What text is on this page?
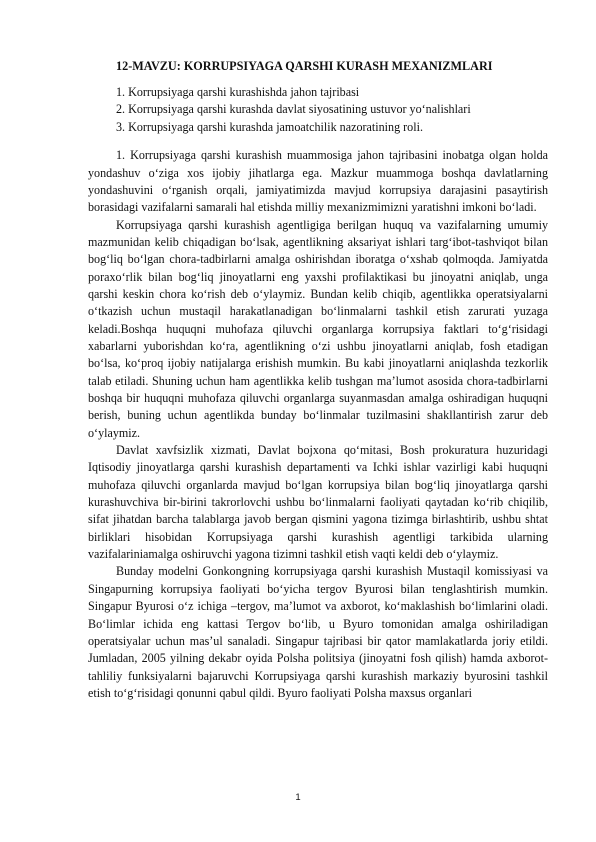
12-MAVZU: KORRUPSIYAGA QARSHI KURASH MEXANIZMLARI
1. Korrupsiyaga qarshi kurashishda jahon tajribasi
2. Korrupsiyaga qarshi kurashda davlat siyosatining ustuvor yo‘nalishlari
3. Korrupsiyaga qarshi kurashda jamoatchilik nazoratining roli.

1. Korrupsiyaga qarshi kurashish muammosiga jahon tajribasini inobatga olgan holda yondashuv o‘ziga xos ijobiy jihatlarga ega. Mazkur muammoga boshqa davlatlarning yondashuvini o‘rganish orqali, jamiyatimizda mavjud korrupsiya darajasini pasaytirish borasidagi vazifalarni samarali hal etishda milliy mexanizmimizni yaratishni imkoni bo‘ladi.

Korrupsiyaga qarshi kurashish agentligiga berilgan huquq va vazifalarning umumiy mazmunidan kelib chiqadigan bo‘lsak, agentlikning aksariyat ishlari targ‘ibot-tashviqot bilan bog‘liq bo‘lgan chora-tadbirlarni amalga oshirishdan iboratga o‘xshab qolmoqda. Jamiyatda poraxo‘rlik bilan bog‘liq jinoyatlarni eng yaxshi profilaktikasi bu jinoyatni aniqlab, unga qarshi keskin chora ko‘rish deb o‘ylaymiz. Bundan kelib chiqib, agentlikka operatsiyalarni o‘tkazish uchun mustaqil harakatlanadigan bo‘linmalarni tashkil etish zarurati yuzaga keladi.Boshqa huquqni muhofaza qiluvchi organlarga korrupsiya faktlari to‘g‘risidagi xabarlarni yuborishdan ko‘ra, agentlikning o‘zi ushbu jinoyatlarni aniqlab, fosh etadigan bo‘lsa, ko‘proq ijobiy natijalarga erishish mumkin. Bu kabi jinoyatlarni aniqlashda tezkorlik talab etiladi. Shuning uchun ham agentlikka kelib tushgan ma’lumot asosida chora-tadbirlarni boshqa bir huquqni muhofaza qiluvchi organlarga suyanmasdan amalga oshiradigan huquqni berish, buning uchun agentlikda bunday bo‘linmalar tuzilmasini shakllantirish zarur deb o‘ylaymiz.

Davlat xavfsizlik xizmati, Davlat bojxona qo‘mitasi, Bosh prokuratura huzuridagi Iqtisodiy jinoyatlarga qarshi kurashish departamenti va Ichki ishlar vazirligi kabi huquqni muhofaza qiluvchi organlarda mavjud bo‘lgan korrupsiya bilan bog‘liq jinoyatlarga qarshi kurashuvchiva bir-birini takrorlovchi ushbu bo‘linmalarni faoliyati qaytadan ko‘rib chiqilib, sifat jihatdan barcha talablarga javob bergan qismini yagona tizimga birlashtirib, ushbu shtat birliklari hisobidan Korrupsiyaga qarshi kurashish agentligi tarkibida ularning vazifalariniamalga oshiruvchi yagona tizimni tashkil etish vaqti keldi deb o‘ylaymiz.

Bunday modelni Gonkongning korrupsiyaga qarshi kurashish Mustaqil komissiyasi va Singapurning korrupsiya faoliyati bo‘yicha tergov Byurosi bilan tenglashtirish mumkin. Singapur Byurosi o‘z ichiga –tergov, ma’lumot va axborot, ko‘maklashish bo‘limlarini oladi. Bo‘limlar ichida eng kattasi Tergov bo‘lib, u Byuro tomonidan amalga oshiriladigan operatsiyalar uchun mas’ul sanaladi. Singapur tajribasi bir qator mamlakatlarda joriy etildi. Jumladan, 2005 yilning dekabr oyida Polsha politsiya (jinoyatni fosh qilish) hamda axborot-tahliliy funksiyalarni bajaruvchi Korrupsiyaga qarshi kurashish markaziy byurosini tashkil etish to‘g‘risidagi qonunni qabul qildi. Byuro faoliyati Polsha maxsus organlari

1
